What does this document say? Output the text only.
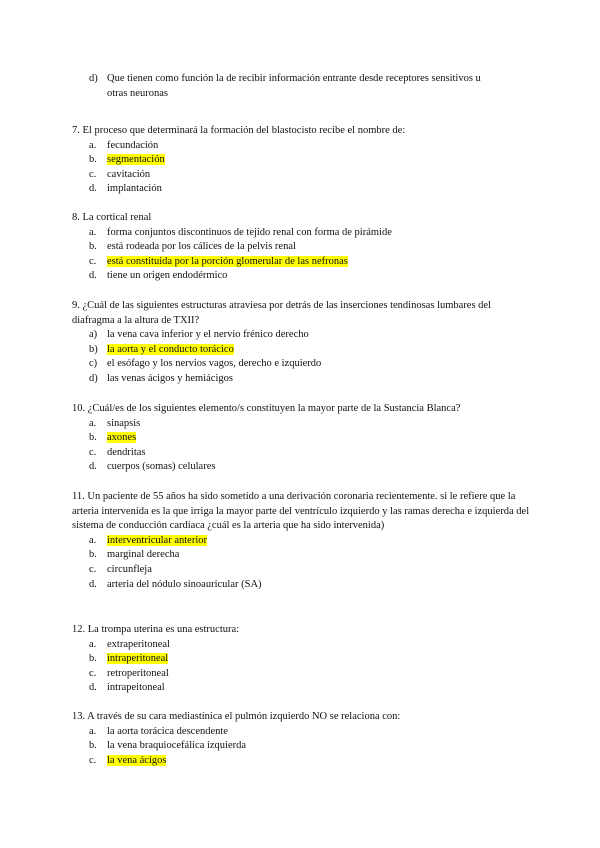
d) Que tienen como función la de recibir información entrante desde receptores sensitivos u
otras neuronas

7. El proceso que determinará la formación del blastocisto recibe el nombre de:

a. fecundación
b. segmentación
c. cavitación
d. implantación

8. La cortical renal

a. forma conjuntos discontinuos de tejido renal con forma de pirámide
b. está rodeada por los cálices de la pelvis renal
c. está constituida por la porción glomerular de las nefronas
d. tiene un origen endodérmico

9. ¿Cuál de las siguientes estructuras atraviesa por detrás de las inserciones tendinosas lumbares del diafragma a la altura de TXII?

a) la vena cava inferior y el nervio frénico derecho
b) la aorta y el conducto torácico
c) el esófago y los nervios vagos, derecho e izquierdo
d) las venas ácigos y hemiácigos

10. ¿Cuál/es de los siguientes elemento/s constituyen la mayor parte de la Sustancia Blanca?

a. sinapsis
b. axones
c. dendritas
d. cuerpos (somas) celulares

11. Un paciente de 55 años ha sido sometido a una derivación coronaria recientemente. si le refiere que la arteria intervenida es la que irriga la mayor parte del ventrículo izquierdo y las ramas derecha e izquierda del sistema de conducción cardiaca ¿cuál es la arteria que ha sido intervenida)

a. interventricular anterior
b. marginal derecha
c. circunfleja
d. arteria del nódulo sinoauricular (SA)

12. La trompa uterina es una estructura:

a. extraperitoneal
b. intraperitoneal
c. retroperitoneal
d. intrapeitoneal

13. A través de su cara mediastínica el pulmón izquierdo NO se relaciona con:

a. la aorta torácica descendente
b. la vena braquiocefálica izquierda
c. la vena ácigos
